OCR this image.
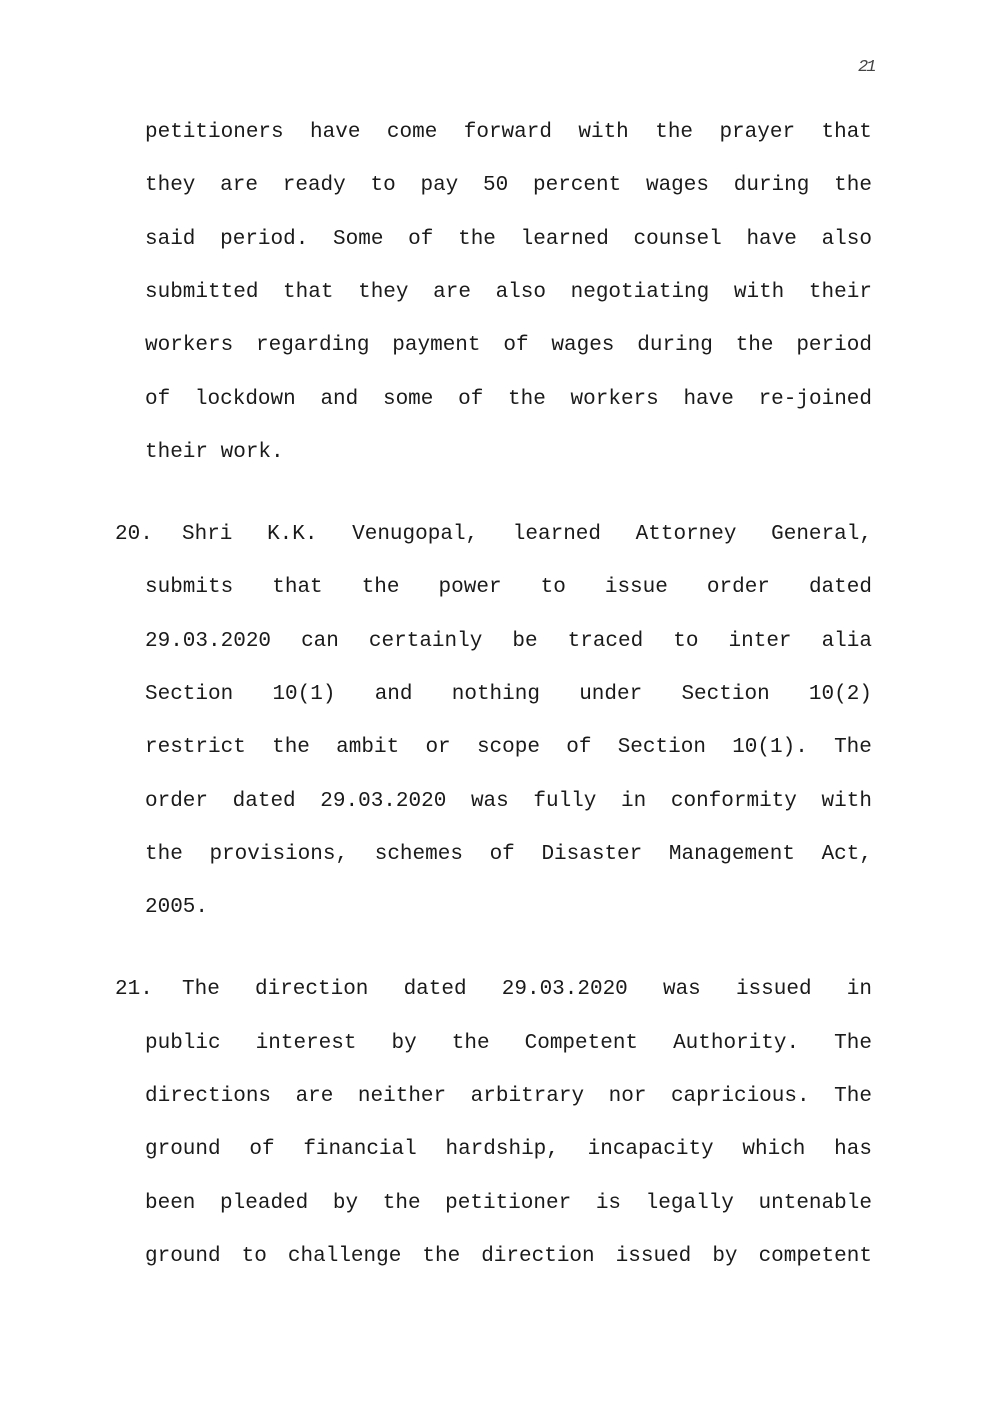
21
petitioners have come forward with the prayer that
they are ready to pay 50 percent wages during the
said period. Some of the learned counsel have also
submitted that they are also negotiating with their
workers regarding payment of wages during the period
of lockdown and some of the workers have re-joined
their work.
20. Shri K.K. Venugopal, learned Attorney General,
submits that the power to issue order dated
29.03.2020 can certainly be traced to inter alia
Section 10(1) and nothing under Section 10(2)
restrict the ambit or scope of Section 10(1). The
order dated 29.03.2020 was fully in conformity with
the provisions, schemes of Disaster Management Act,
2005.
21. The direction dated 29.03.2020 was issued in
public interest by the Competent Authority. The
directions are neither arbitrary nor capricious. The
ground of financial hardship, incapacity which has
been pleaded by the petitioner is legally untenable
ground to challenge the direction issued by competent
